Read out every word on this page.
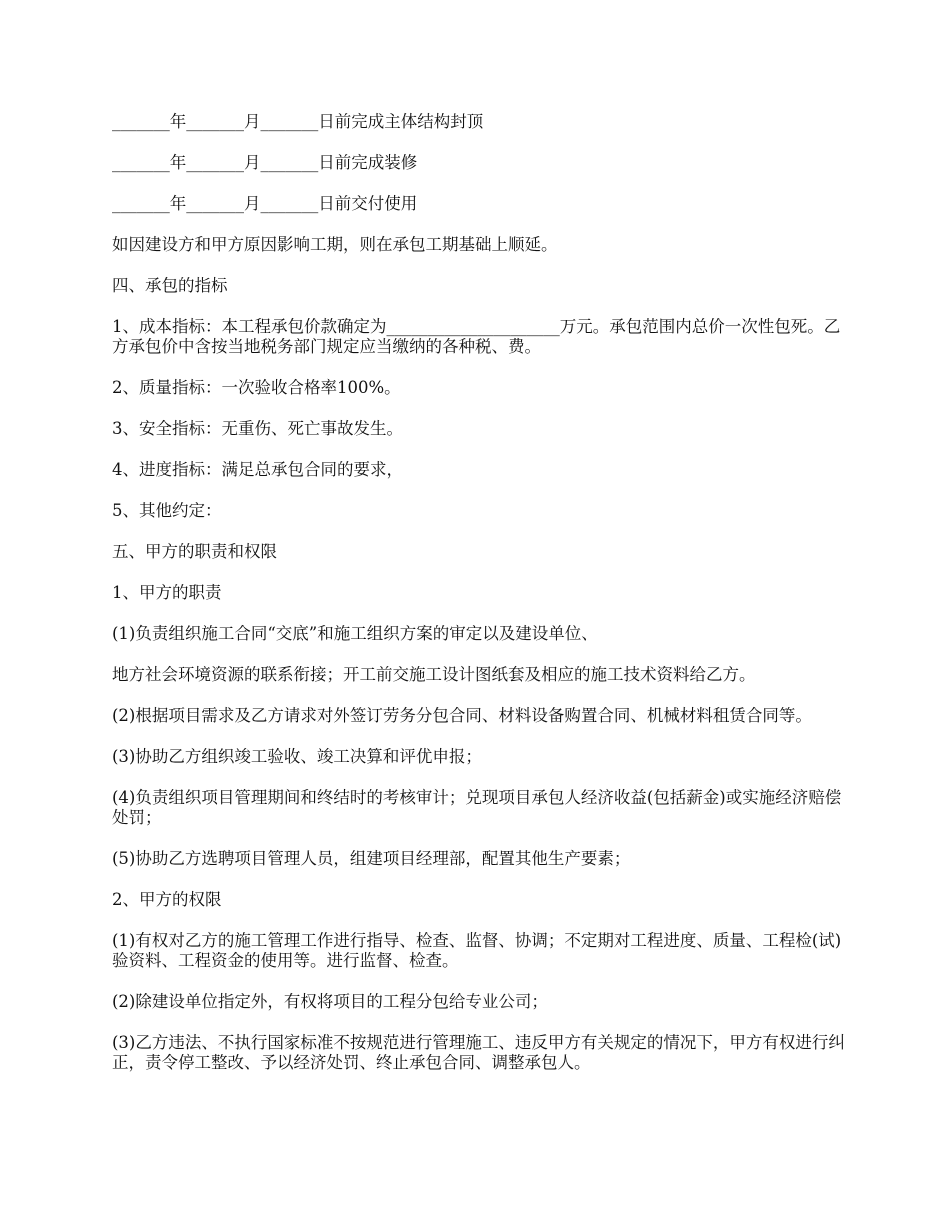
_______年_______月_______日前完成主体结构封顶

_______年_______月_______日前完成装修

_______年_______月_______日前交付使用

如因建设方和甲方原因影响工期，则在承包工期基础上顺延。

四、承包的指标

1、成本指标：本工程承包价款确定为_____________________万元。承包范围内总价一次性包死。乙方承包价中含按当地税务部门规定应当缴纳的各种税、费。

2、质量指标：一次验收合格率100%。

3、安全指标：无重伤、死亡事故发生。

4、进度指标：满足总承包合同的要求，

5、其他约定：

五、甲方的职责和权限

1、甲方的职责

(1)负责组织施工合同“交底”和施工组织方案的审定以及建设单位、

地方社会环境资源的联系衔接；开工前交施工设计图纸套及相应的施工技术资料给乙方。

(2)根据项目需求及乙方请求对外签订劳务分包合同、材料设备购置合同、机械材料租赁合同等。

(3)协助乙方组织竣工验收、竣工决算和评优申报；

(4)负责组织项目管理期间和终结时的考核审计；兑现项目承包人经济收益(包括薪金)或实施经济赔偿处罚；

(5)协助乙方选聘项目管理人员，组建项目经理部，配置其他生产要素；

2、甲方的权限

(1)有权对乙方的施工管理工作进行指导、检查、监督、协调；不定期对工程进度、质量、工程检(试)验资料、工程资金的使用等。进行监督、检查。

(2)除建设单位指定外，有权将项目的工程分包给专业公司；

(3)乙方违法、不执行国家标准不按规范进行管理施工、违反甲方有关规定的情况下，甲方有权进行纠正，责令停工整改、予以经济处罚、终止承包合同、调整承包人。
